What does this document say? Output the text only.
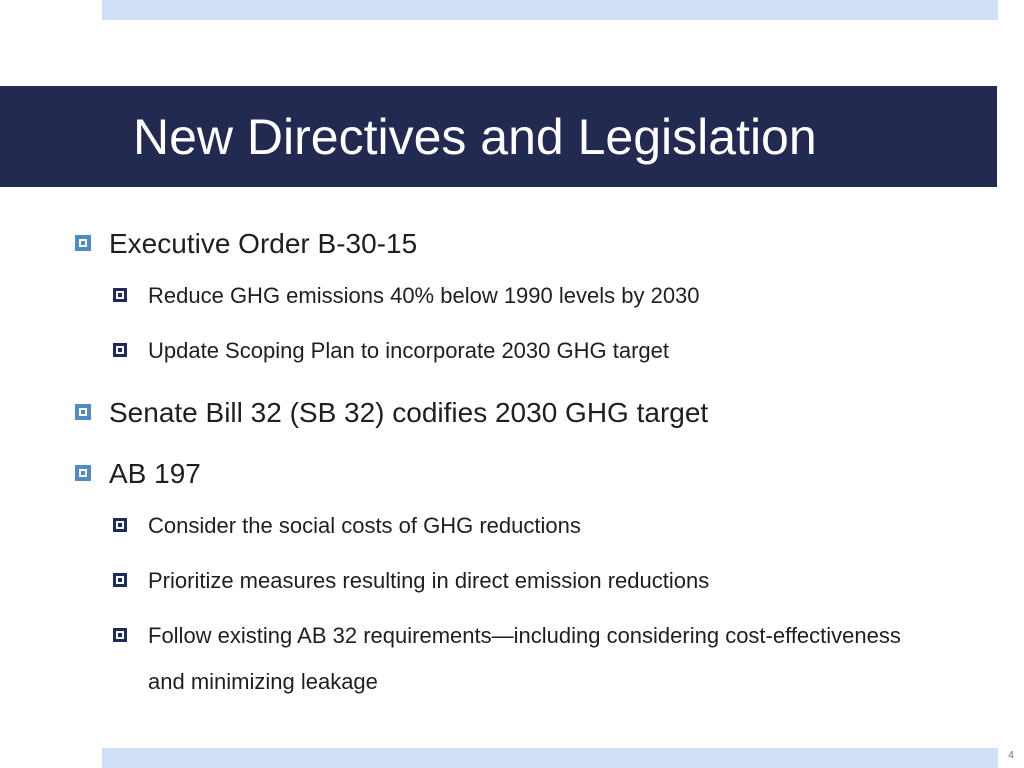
New Directives and Legislation
Executive Order B-30-15
Reduce GHG emissions 40% below 1990 levels by 2030
Update Scoping Plan to incorporate 2030 GHG target
Senate Bill 32 (SB 32) codifies 2030 GHG target
AB 197
Consider the social costs of GHG reductions
Prioritize measures resulting in direct emission reductions
Follow existing AB 32 requirements—including considering cost-effectiveness and minimizing leakage
4
